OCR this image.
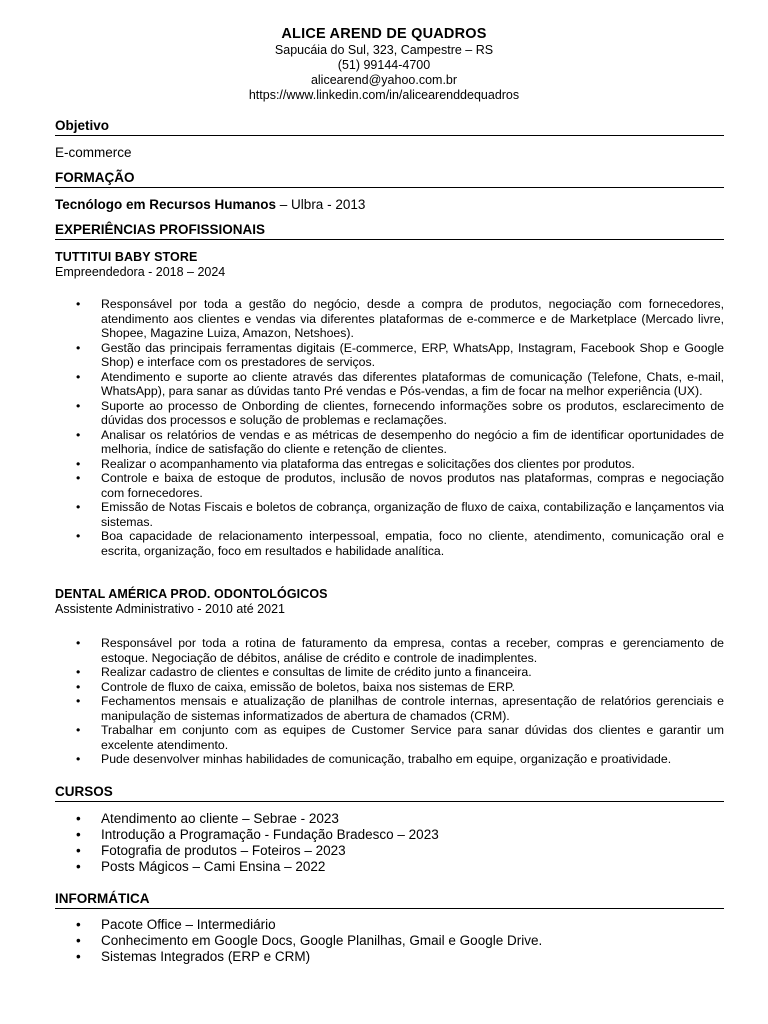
ALICE AREND DE QUADROS
Sapucáia do Sul, 323, Campestre – RS
(51) 99144-4700
alicearend@yahoo.com.br
https://www.linkedin.com/in/alicearenddequadros
Objetivo
E-commerce
FORMAÇÃO
Tecnólogo em Recursos Humanos – Ulbra - 2013
EXPERIÊNCIAS PROFISSIONAIS
TUTTITUI BABY STORE
Empreendedora - 2018 – 2024
• Responsável por toda a gestão do negócio, desde a compra de produtos, negociação com fornecedores, atendimento aos clientes e vendas via diferentes plataformas de e-commerce e de Marketplace (Mercado livre, Shopee, Magazine Luiza, Amazon, Netshoes).
• Gestão das principais ferramentas digitais (E-commerce, ERP, WhatsApp, Instagram, Facebook Shop e Google Shop) e interface com os prestadores de serviços.
• Atendimento e suporte ao cliente através das diferentes plataformas de comunicação (Telefone, Chats, e-mail, WhatsApp), para sanar as dúvidas tanto Pré vendas e Pós-vendas, a fim de focar na melhor experiência (UX).
• Suporte ao processo de Onbording de clientes, fornecendo informações sobre os produtos, esclarecimento de dúvidas dos processos e solução de problemas e reclamações.
• Analisar os relatórios de vendas e as métricas de desempenho do negócio a fim de identificar oportunidades de melhoria, índice de satisfação do cliente e retenção de clientes.
• Realizar o acompanhamento via plataforma das entregas e solicitações dos clientes por produtos.
• Controle e baixa de estoque de produtos, inclusão de novos produtos nas plataformas, compras e negociação com fornecedores.
• Emissão de Notas Fiscais e boletos de cobrança, organização de fluxo de caixa, contabilização e lançamentos via sistemas.
• Boa capacidade de relacionamento interpessoal, empatia, foco no cliente, atendimento, comunicação oral e escrita, organização, foco em resultados e habilidade analítica.
DENTAL AMÉRICA PROD. ODONTOLÓGICOS
Assistente Administrativo - 2010 até 2021
• Responsável por toda a rotina de faturamento da empresa, contas a receber, compras e gerenciamento de estoque. Negociação de débitos, análise de crédito e controle de inadimplentes.
• Realizar cadastro de clientes e consultas de limite de crédito junto a financeira.
• Controle de fluxo de caixa, emissão de boletos, baixa nos sistemas de ERP.
• Fechamentos mensais e atualização de planilhas de controle internas, apresentação de relatórios gerenciais e manipulação de sistemas informatizados de abertura de chamados (CRM).
• Trabalhar em conjunto com as equipes de Customer Service para sanar dúvidas dos clientes e garantir um excelente atendimento.
• Pude desenvolver minhas habilidades de comunicação, trabalho em equipe, organização e proatividade.
CURSOS
• Atendimento ao cliente – Sebrae - 2023
• Introdução a Programação - Fundação Bradesco – 2023
• Fotografia de produtos – Foteiros – 2023
• Posts Mágicos – Cami Ensina – 2022
INFORMÁTICA
• Pacote Office – Intermediário
• Conhecimento em Google Docs, Google Planilhas, Gmail e Google Drive.
• Sistemas Integrados (ERP e CRM)
